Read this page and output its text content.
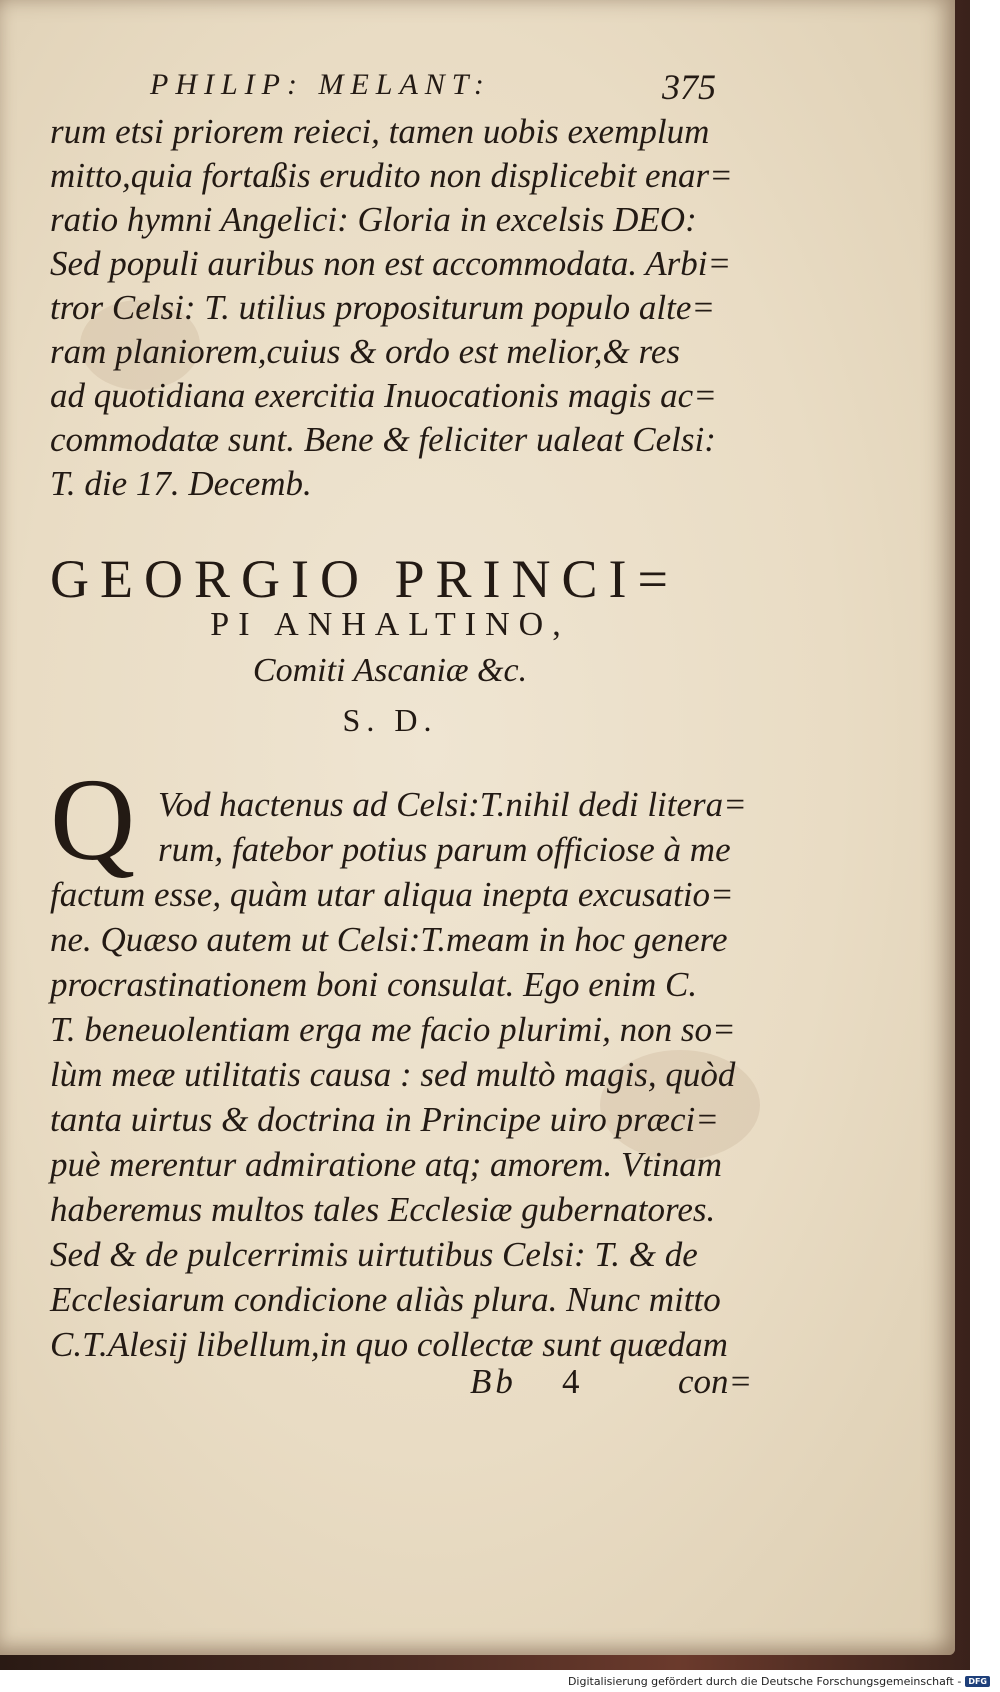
PHILIP: MELANT:	375
rum etsi priorem reieci, tamen uobis exemplum
mitto,quia fortaßis erudito non displicebit enar=
ratio hymni Angelici: Gloria in excelsis DEO:
Sed populi auribus non est accommodata. Arbi=
tror Celsi: T. utilius propositurum populo alte=
ram planiorem,cuius & ordo est melior,& res
ad quotidiana exercitia Inuocationis magis ac=
commodatæ sunt. Bene & feliciter ualeat Celsi:
T. die 17. Decemb.
GEORGIO PRINCI=
PI ANHALTINO,
Comiti Ascaniæ &c.
S. D.
Q Vod hactenus ad Celsi:T.nihil dedi litera=
rum, fatebor potius parum officiose à me
factum esse, quàm utar aliqua inepta excusatio=
ne. Quæso autem ut Celsi:T.meam in hoc genere
procrastinationem boni consulat. Ego enim C.
T. beneuolentiam erga me facio plurimi, non so=
lùm meæ utilitatis causa : sed multò magis, quòd
tanta uirtus & doctrina in Principe uiro præci=
puè merentur admiratione atq; amorem. Vtinam
haberemus multos tales Ecclesiæ gubernatores.
Sed & de pulcerrimis uirtutibus Celsi: T. & de
Ecclesiarum condicione aliàs plura. Nunc mitto
C.T.Alesij libellum,in quo collectæ sunt quædam
Bb 4	con=
Digitalisierung gefördert durch die Deutsche Forschungsgemeinschaft - DFG
